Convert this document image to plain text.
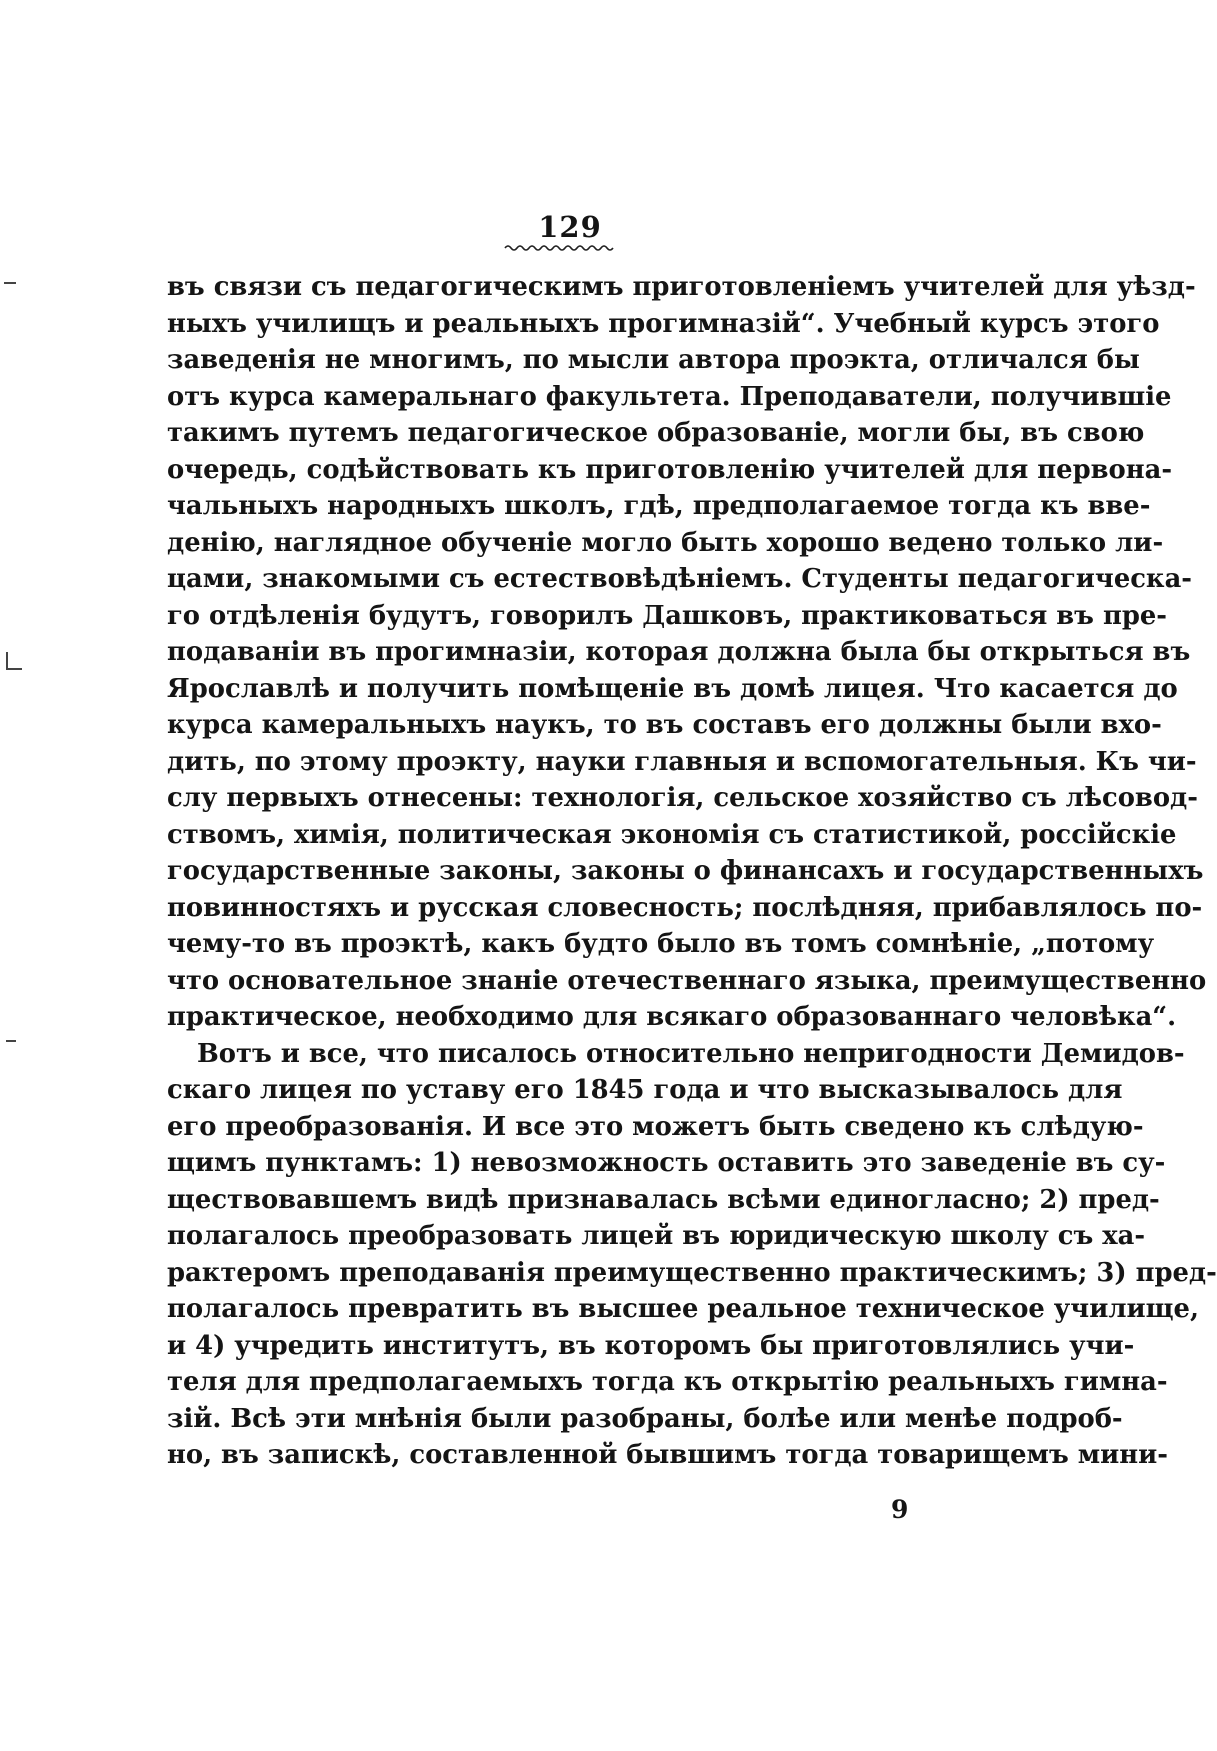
129
въ связи съ педагогическимъ приготовленіемъ учителей для уѣзд-
ныхъ училищъ и реальныхъ прогимназій“. Учебный курсъ этого
заведенія не многимъ, по мысли автора проэкта, отличался бы
отъ курса камеральнаго факультета. Преподаватели, получившіе
такимъ путемъ педагогическое образованіе, могли бы, въ свою
очередь, содѣйствовать къ приготовленію учителей для первона-
чальныхъ народныхъ школъ, гдѣ, предполагаемое тогда къ вве-
денію, наглядное обученіе могло быть хорошо ведено только ли-
цами, знакомыми съ естествовѣдѣніемъ. Студенты педагогическа-
го отдѣленія будутъ, говорилъ Дашковъ, практиковаться въ пре-
подаваніи въ прогимназіи, которая должна была бы открыться въ
Ярославлѣ и получить помѣщеніе въ домѣ лицея. Что касается до
курса камеральныхъ наукъ, то въ составъ его должны были вхо-
дить, по этому проэкту, науки главныя и вспомогательныя. Къ чи-
слу первыхъ отнесены: технологія, сельское хозяйство съ лѣсовод-
ствомъ, химія, политическая экономія съ статистикой, россійскіе
государственные законы, законы о финансахъ и государственныхъ
повинностяхъ и русская словесность; послѣдняя, прибавлялось по-
чему-то въ проэктѣ, какъ будто было въ томъ сомнѣніе, „потому
что основательное знаніе отечественнаго языка, преимущественно
практическое, необходимо для всякаго образованнаго человѣка“.
Вотъ и все, что писалось относительно непригодности Демидов-
скаго лицея по уставу его 1845 года и что высказывалось для
его преобразованія. И все это можетъ быть сведено къ слѣдую-
щимъ пунктамъ: 1) невозможность оставить это заведеніе въ су-
ществовавшемъ видѣ признавалась всѣми единогласно; 2) пред-
полагалось преобразовать лицей въ юридическую школу съ ха-
рактеромъ преподаванія преимущественно практическимъ; 3) пред-
полагалось превратить въ высшее реальное техническое училище,
и 4) учредить институтъ, въ которомъ бы приготовлялись учи-
теля для предполагаемыхъ тогда къ открытію реальныхъ гимна-
зій. Всѣ эти мнѣнія были разобраны, болѣе или менѣе подроб-
но, въ запискѣ, составленной бывшимъ тогда товарищемъ мини-
9
